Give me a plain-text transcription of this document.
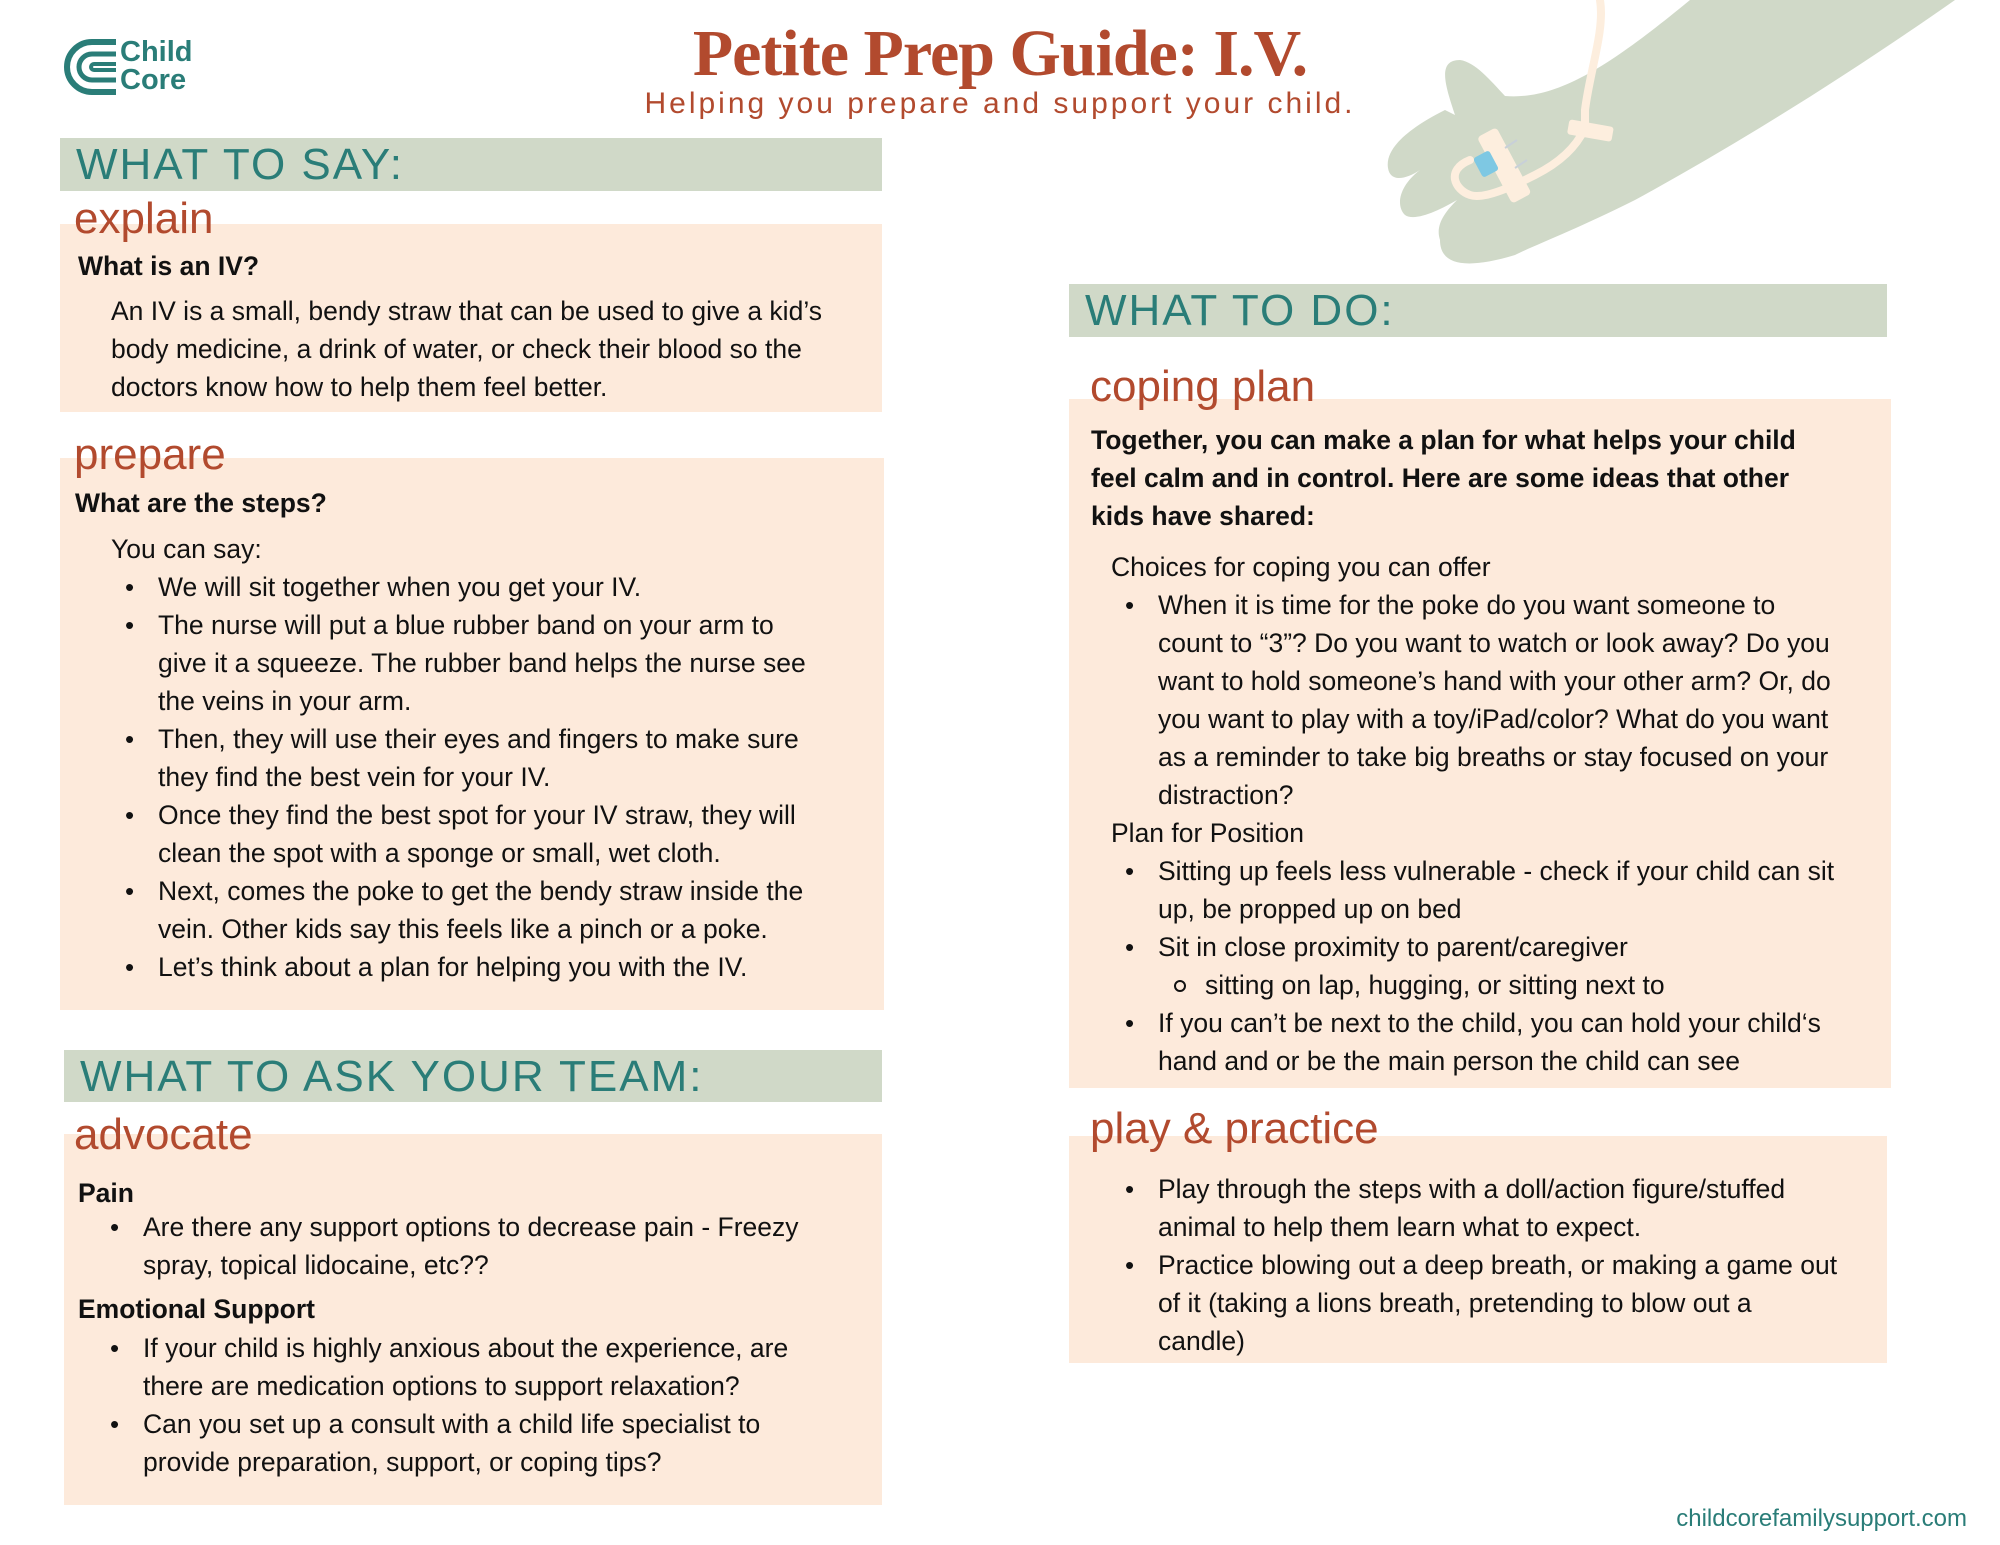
Child
Core	Petite Prep Guide: I.V.
Helping you prepare and support your child.
WHAT TO SAY:
explain
What is an IV?
An IV is a small, bendy straw that can be used to give a kid’s
body medicine, a drink of water, or check their blood so the
doctors know how to help them feel better.
prepare
What are the steps?
You can say:
• We will sit together when you get your IV.
• The nurse will put a blue rubber band on your arm to
give it a squeeze. The rubber band helps the nurse see
the veins in your arm.
• Then, they will use their eyes and fingers to make sure
they find the best vein for your IV.
• Once they find the best spot for your IV straw, they will
clean the spot with a sponge or small, wet cloth.
• Next, comes the poke to get the bendy straw inside the
vein. Other kids say this feels like a pinch or a poke.
• Let’s think about a plan for helping you with the IV.
WHAT TO ASK YOUR TEAM:
advocate
Pain
• Are there any support options to decrease pain - Freezy
spray, topical lidocaine, etc??
Emotional Support
• If your child is highly anxious about the experience, are
there are medication options to support relaxation?
• Can you set up a consult with a child life specialist to
provide preparation, support, or coping tips?
WHAT TO DO:
coping plan
Together, you can make a plan for what helps your child
feel calm and in control. Here are some ideas that other
kids have shared:
Choices for coping you can offer
• When it is time for the poke do you want someone to
count to “3”? Do you want to watch or look away? Do you
want to hold someone’s hand with your other arm? Or, do
you want to play with a toy/iPad/color? What do you want
as a reminder to take big breaths or stay focused on your
distraction?
Plan for Position
• Sitting up feels less vulnerable - check if your child can sit
up, be propped up on bed
• Sit in close proximity to parent/caregiver
sitting on lap, hugging, or sitting next to
• If you can’t be next to the child, you can hold your child‘s
hand and or be the main person the child can see
play & practice
• Play through the steps with a doll/action figure/stuffed
animal to help them learn what to expect.
• Practice blowing out a deep breath, or making a game out
of it (taking a lions breath, pretending to blow out a
candle)
childcorefamilysupport.com
